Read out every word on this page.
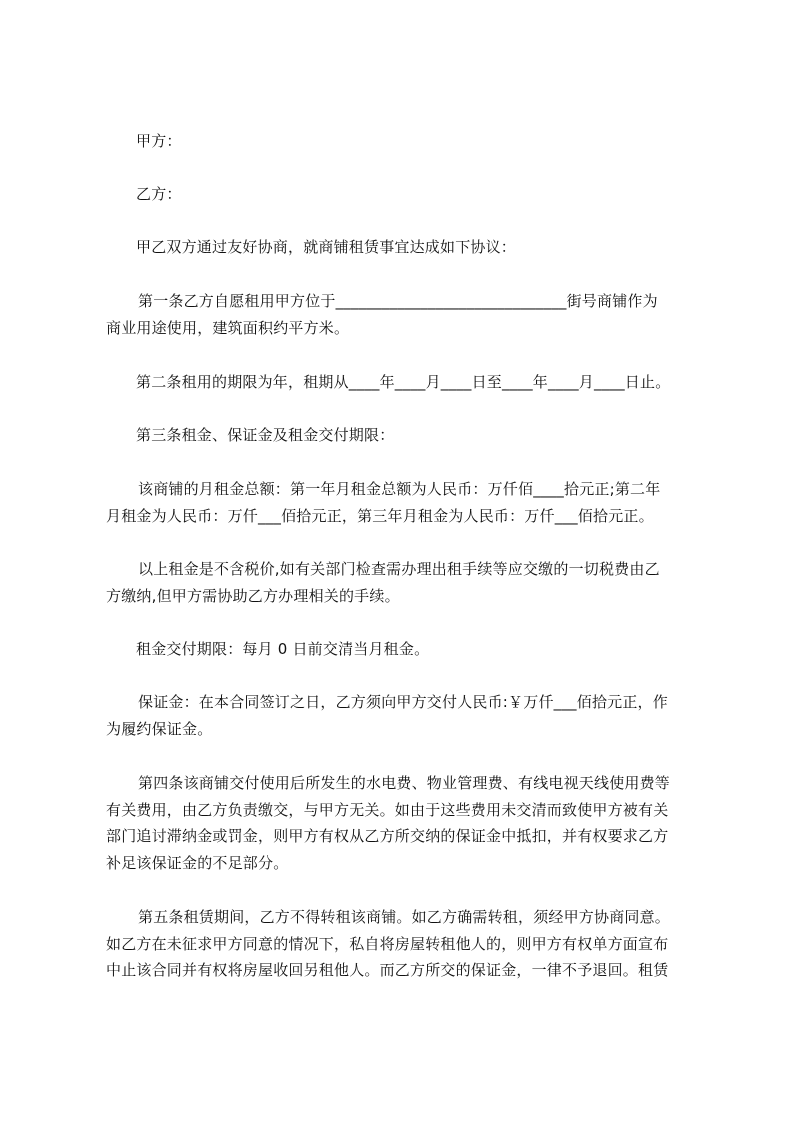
甲方：
乙方：
甲乙双方通过友好协商，就商铺租赁事宜达成如下协议：
第一条乙方自愿租用甲方位于______________________________街号商铺作为
商业用途使用，建筑面积约平方米。
第二条租用的期限为年，租期从____年____月____日至____年____月____日止。
第三条租金、保证金及租金交付期限：
该商铺的月租金总额：第一年月租金总额为人民币：万仟佰____拾元正;第二年
月租金为人民币：万仟___佰拾元正，第三年月租金为人民币：万仟___佰拾元正。
以上租金是不含税价,如有关部门检查需办理出租手续等应交缴的一切税费由乙
方缴纳,但甲方需协助乙方办理相关的手续。
租金交付期限：每月 0 日前交清当月租金。
保证金：在本合同签订之日，乙方须向甲方交付人民币:￥万仟___佰拾元正，作
为履约保证金。
第四条该商铺交付使用后所发生的水电费、物业管理费、有线电视天线使用费等
有关费用，由乙方负责缴交，与甲方无关。如由于这些费用未交清而致使甲方被有关
部门追讨滞纳金或罚金，则甲方有权从乙方所交纳的保证金中抵扣，并有权要求乙方
补足该保证金的不足部分。
第五条租赁期间，乙方不得转租该商铺。如乙方确需转租，须经甲方协商同意。
如乙方在未征求甲方同意的情况下，私自将房屋转租他人的，则甲方有权单方面宣布
中止该合同并有权将房屋收回另租他人。而乙方所交的保证金，一律不予退回。租赁
